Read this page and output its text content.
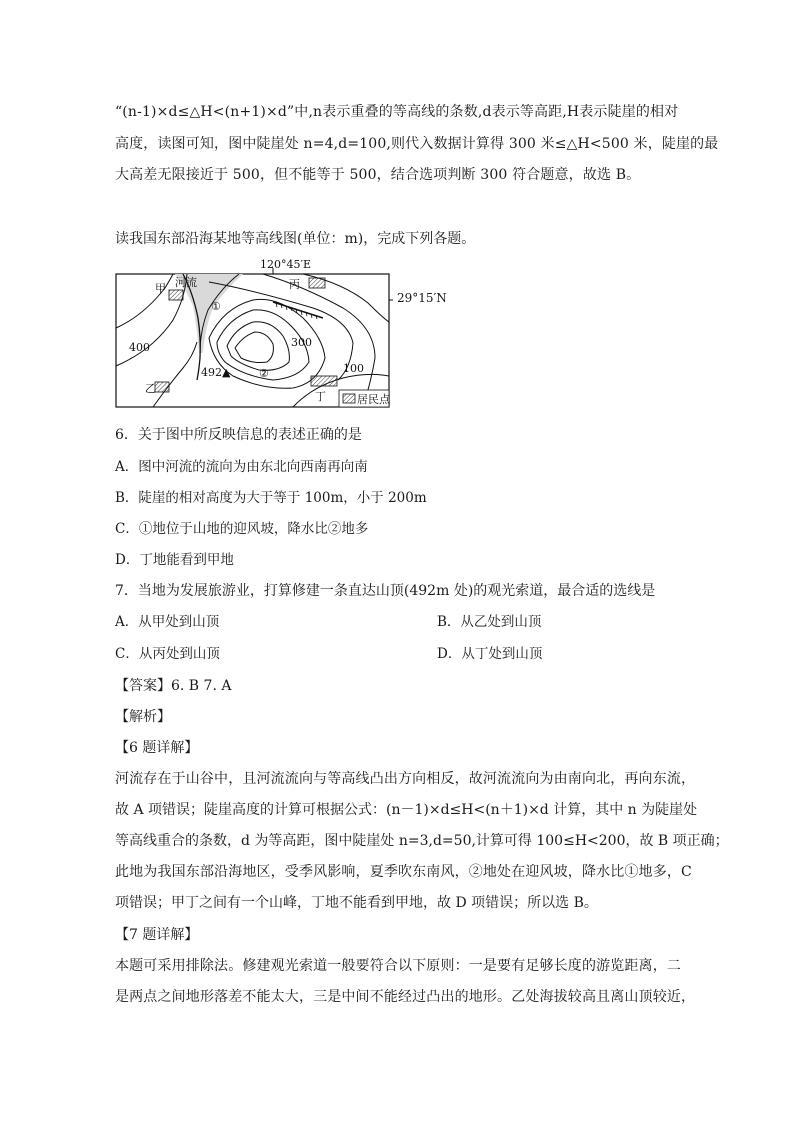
“(n-1)×d≤△H<(n+1)×d”中,n表示重叠的等高线的条数,d表示等高距,H表示陡崖的相对
高度，读图可知，图中陡崖处 n=4,d=100,则代入数据计算得 300 米≤△H<500 米，陡崖的最
大高差无限接近于 500，但不能等于 500，结合选项判断 300 符合题意，故选 B。
读我国东部沿海某地等高线图(单位：m)，完成下列各题。
120°45′E
居民点
河流
甲	丙
乙
丁
①
②
400	300
100
492▲
29°15′N
6．关于图中所反映信息的表述正确的是
A．图中河流的流向为由东北向西南再向南
B．陡崖的相对高度为大于等于 100m，小于 200m
C．①地位于山地的迎风坡，降水比②地多
D．丁地能看到甲地
7．当地为发展旅游业，打算修建一条直达山顶(492m 处)的观光索道，最合适的选线是
A．从甲处到山顶	B．从乙处到山顶
C．从丙处到山顶	D．从丁处到山顶
【答案】6. B 7. A
【解析】
【6 题详解】
河流存在于山谷中，且河流流向与等高线凸出方向相反，故河流流向为由南向北，再向东流，
故 A 项错误；陡崖高度的计算可根据公式：(n－1)×d≤H<(n＋1)×d 计算，其中 n 为陡崖处
等高线重合的条数，d 为等高距，图中陡崖处 n=3,d=50,计算可得 100≤H<200，故 B 项正确；
此地为我国东部沿海地区，受季风影响，夏季吹东南风，②地处在迎风坡，降水比①地多，C
项错误；甲丁之间有一个山峰，丁地不能看到甲地，故 D 项错误；所以选 B。
【7 题详解】
本题可采用排除法。修建观光索道一般要符合以下原则：一是要有足够长度的游览距离，二
是两点之间地形落差不能太大，三是中间不能经过凸出的地形。乙处海拔较高且离山顶较近，
